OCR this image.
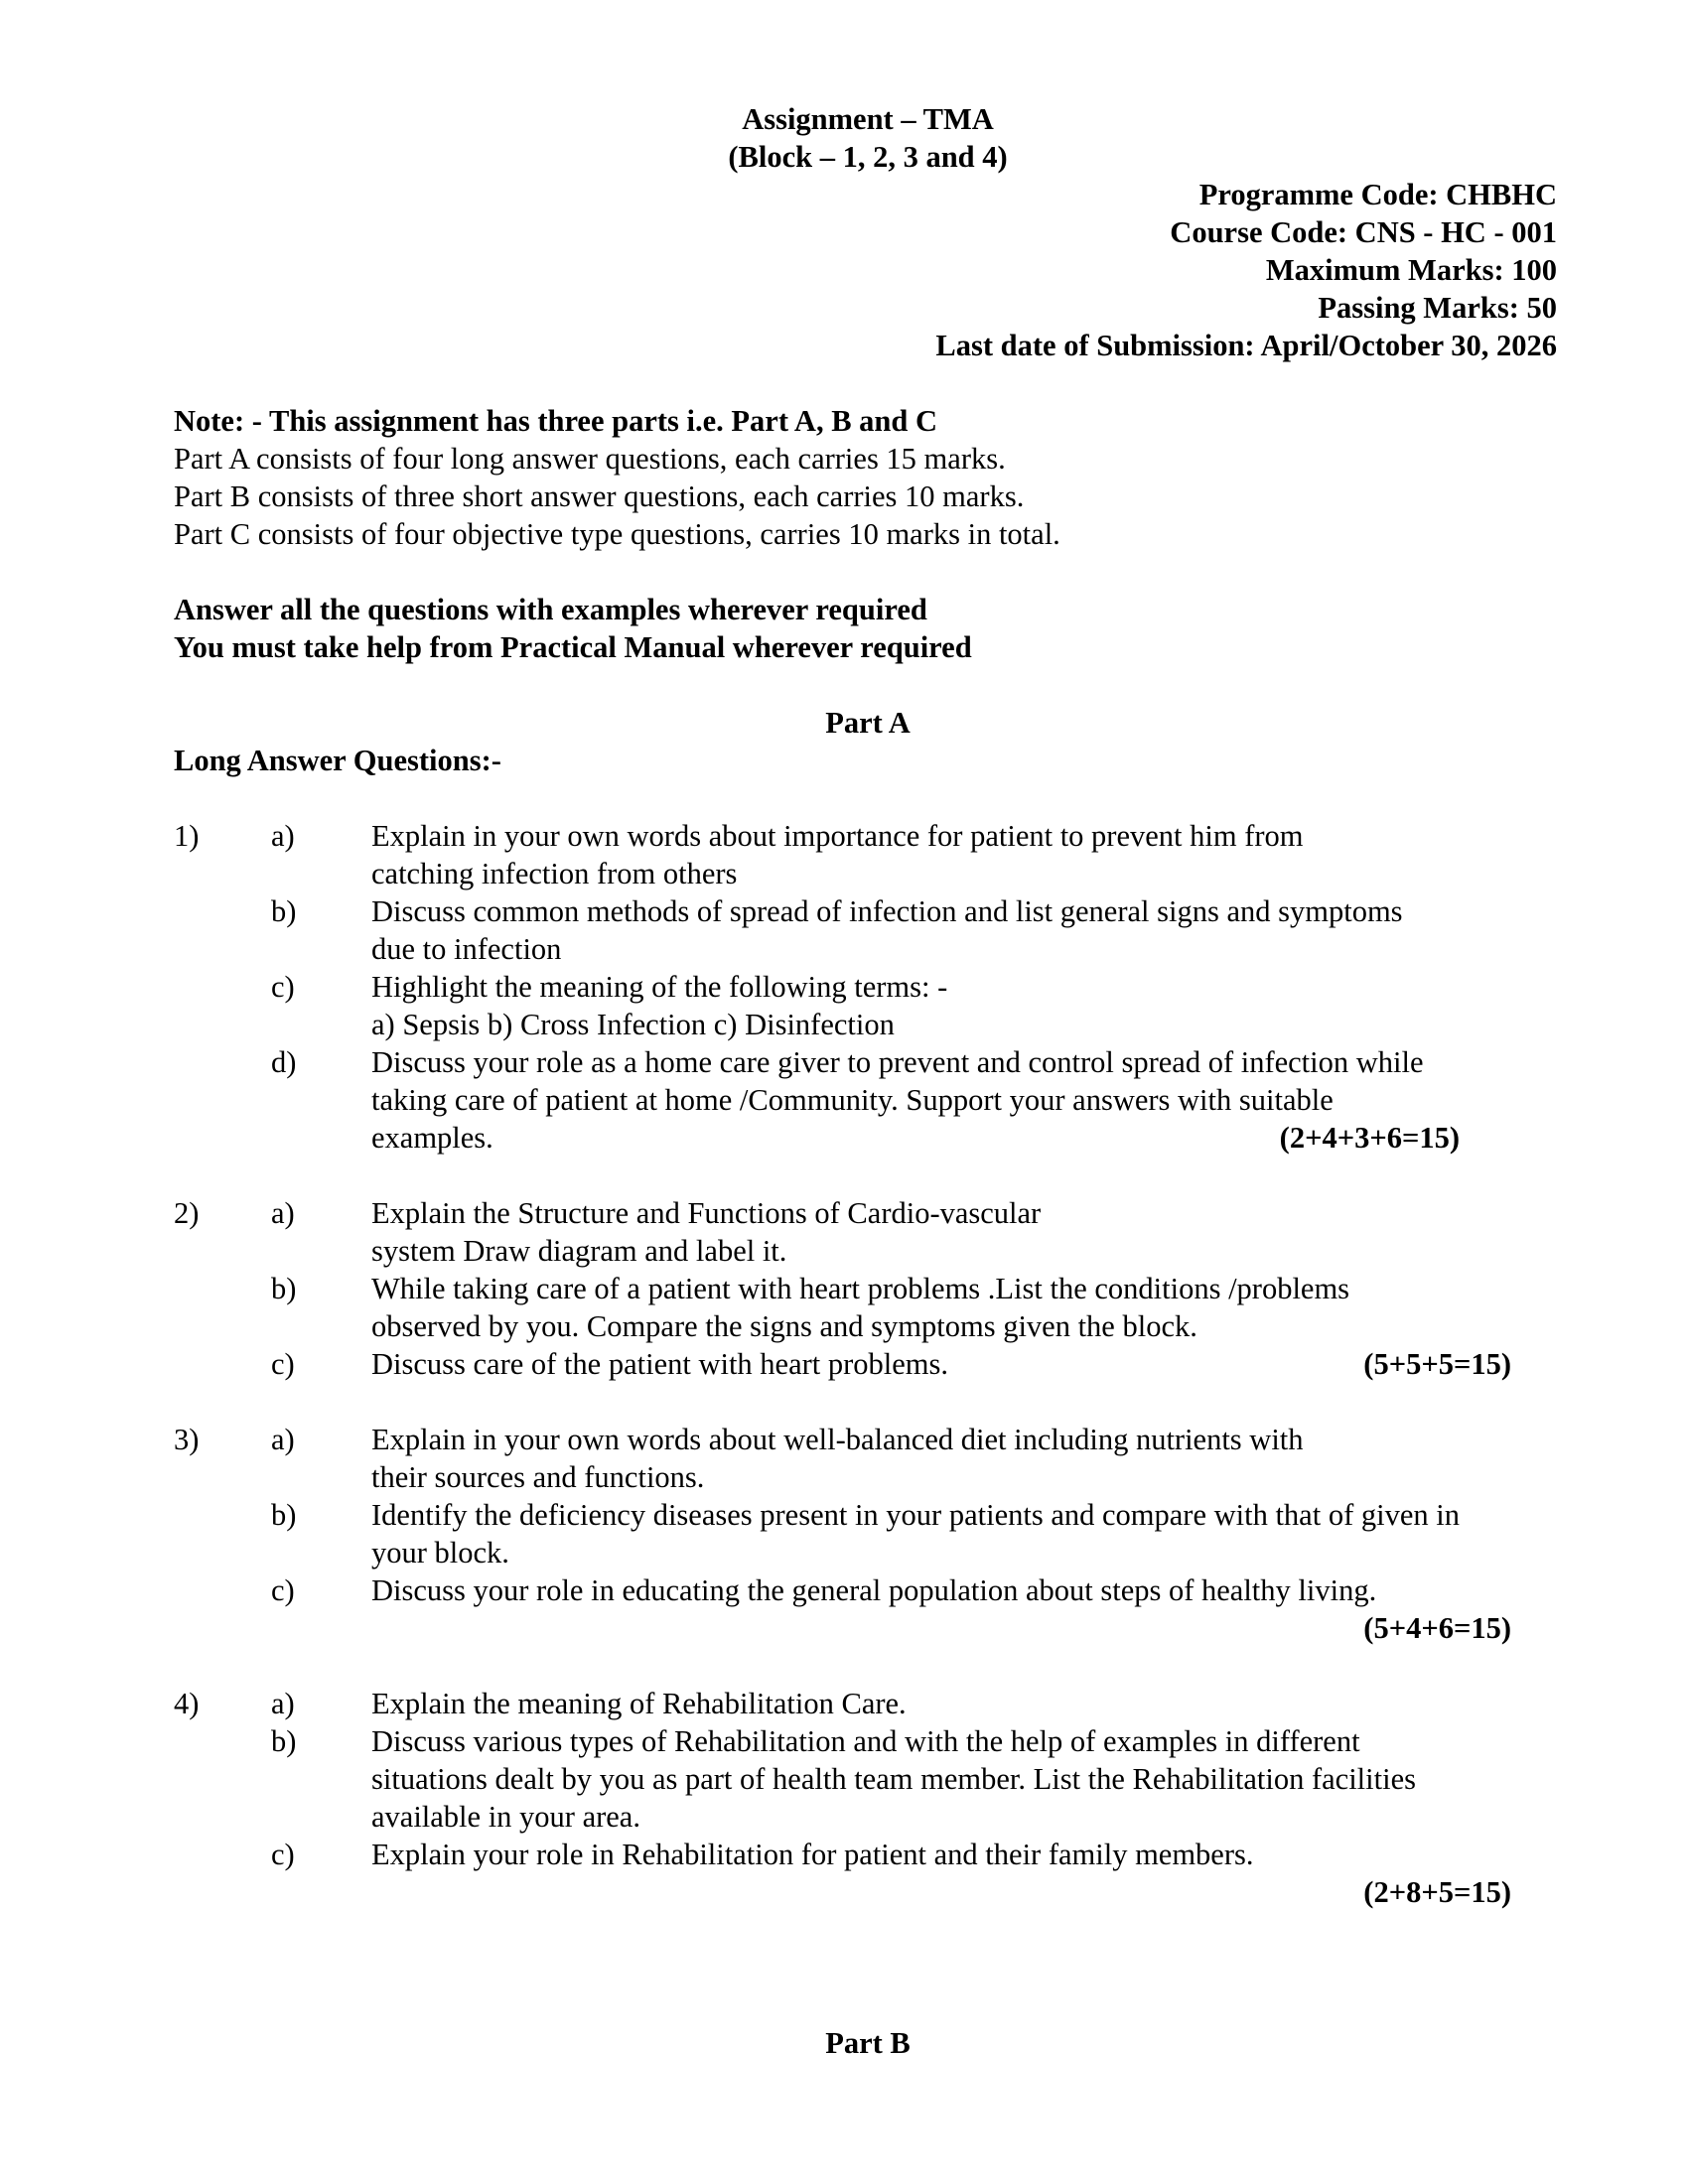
Assignment – TMA
(Block – 1, 2, 3 and 4)
Programme Code: CHBHC
Course Code: CNS - HC - 001
Maximum Marks: 100
Passing Marks: 50
Last date of Submission: April/October 30, 2026
Note: - This assignment has three parts i.e. Part A, B and C
Part A consists of four long answer questions, each carries 15 marks.
Part B consists of three short answer questions, each carries 10 marks.
Part C consists of four objective type questions, carries 10 marks in total.
Answer all the questions with examples wherever required
You must take help from Practical Manual wherever required
Part A
Long Answer Questions:-
1) a)	Explain in your own words about importance for patient to prevent him from
catching infection from others
b) Discuss common methods of spread of infection and list general signs and symptoms
due to infection
c)	Highlight the meaning of the following terms: -
a) Sepsis b) Cross Infection c) Disinfection
d) Discuss your role as a home care giver to prevent and control spread of infection while
taking care of patient at home /Community. Support your answers with suitable
examples.	(2+4+3+6=15)
2) a)	Explain the Structure and Functions of Cardio-vascular
system Draw diagram and label it.
b) While taking care of a patient with heart problems .List the conditions /problems
observed by you. Compare the signs and symptoms given the block.
c)	Discuss care of the patient with heart problems.	(5+5+5=15)
3) a)	Explain in your own words about well-balanced diet including nutrients with
their sources and functions.
b) Identify the deficiency diseases present in your patients and compare with that of given in
your block.
c)	Discuss your role in educating the general population about steps of healthy living.
(5+4+6=15)
4) a)	Explain the meaning of Rehabilitation Care.
b) Discuss various types of Rehabilitation and with the help of examples in different
situations dealt by you as part of health team member. List the Rehabilitation facilities
available in your area.
c)	Explain your role in Rehabilitation for patient and their family members.
(2+8+5=15)
Part B
